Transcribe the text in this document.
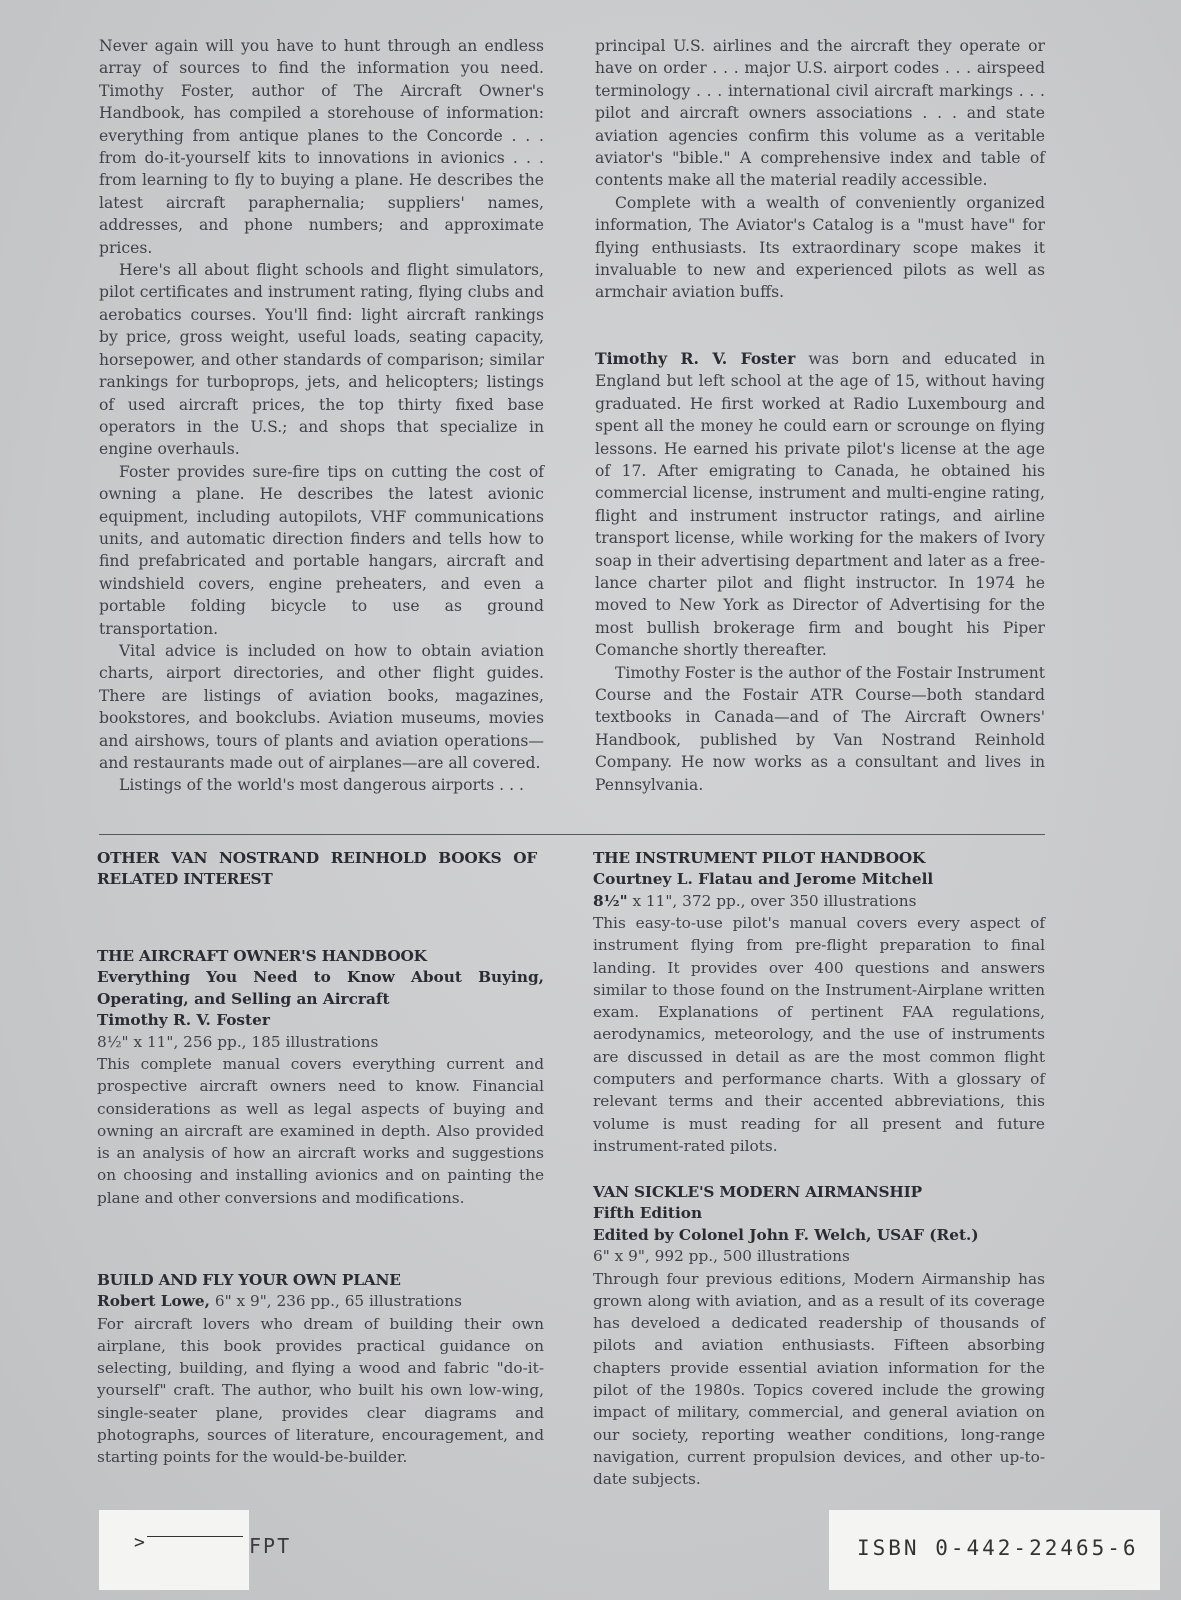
Never again will you have to hunt through an endless array of sources to find the information you need. Timothy Foster, author of The Aircraft Owner's Handbook, has compiled a storehouse of information: everything from antique planes to the Concorde . . . from do-it-yourself kits to innovations in avionics . . . from learning to fly to buying a plane. He describes the latest aircraft paraphernalia; suppliers' names, addresses, and phone numbers; and approximate prices.

Here's all about flight schools and flight simulators, pilot certificates and instrument rating, flying clubs and aerobatics courses. You'll find: light aircraft rankings by price, gross weight, useful loads, seating capacity, horsepower, and other standards of comparison; similar rankings for turboprops, jets, and helicopters; listings of used aircraft prices, the top thirty fixed base operators in the U.S.; and shops that specialize in engine overhauls.

Foster provides sure-fire tips on cutting the cost of owning a plane. He describes the latest avionic equipment, including autopilots, VHF communications units, and automatic direction finders and tells how to find prefabricated and portable hangars, aircraft and windshield covers, engine preheaters, and even a portable folding bicycle to use as ground transportation.

Vital advice is included on how to obtain aviation charts, airport directories, and other flight guides. There are listings of aviation books, magazines, bookstores, and bookclubs. Aviation museums, movies and airshows, tours of plants and aviation operations—and restaurants made out of airplanes—are all covered.

Listings of the world's most dangerous airports . . .

principal U.S. airlines and the aircraft they operate or have on order . . . major U.S. airport codes . . . airspeed terminology . . . international civil aircraft markings . . . pilot and aircraft owners associations . . . and state aviation agencies confirm this volume as a veritable aviator's "bible." A comprehensive index and table of contents make all the material readily accessible.

Complete with a wealth of conveniently organized information, The Aviator's Catalog is a "must have" for flying enthusiasts. Its extraordinary scope makes it invaluable to new and experienced pilots as well as armchair aviation buffs.

Timothy R. V. Foster was born and educated in England but left school at the age of 15, without having graduated. He first worked at Radio Luxembourg and spent all the money he could earn or scrounge on flying lessons. He earned his private pilot's license at the age of 17. After emigrating to Canada, he obtained his commercial license, instrument and multi-engine rating, flight and instrument instructor ratings, and airline transport license, while working for the makers of Ivory soap in their advertising department and later as a free-lance charter pilot and flight instructor. In 1974 he moved to New York as Director of Advertising for the most bullish brokerage firm and bought his Piper Comanche shortly thereafter.

Timothy Foster is the author of the Fostair Instrument Course and the Fostair ATR Course—both standard textbooks in Canada—and of The Aircraft Owners' Handbook, published by Van Nostrand Reinhold Company. He now works as a consultant and lives in Pennsylvania.

OTHER VAN NOSTRAND REINHOLD BOOKS OF RELATED INTEREST
THE AIRCRAFT OWNER'S HANDBOOK
Everything You Need to Know About Buying, Operating, and Selling an Aircraft
Timothy R. V. Foster
8½" x 11", 256 pp., 185 illustrations

This complete manual covers everything current and prospective aircraft owners need to know. Financial considerations as well as legal aspects of buying and owning an aircraft are examined in depth. Also provided is an analysis of how an aircraft works and suggestions on choosing and installing avionics and on painting the plane and other conversions and modifications.

BUILD AND FLY YOUR OWN PLANE
Robert Lowe, 6" x 9", 236 pp., 65 illustrations

For aircraft lovers who dream of building their own airplane, this book provides practical guidance on selecting, building, and flying a wood and fabric "do-it-yourself" craft. The author, who built his own low-wing, single-seater plane, provides clear diagrams and photographs, sources of literature, encouragement, and starting points for the would-be-builder.

THE INSTRUMENT PILOT HANDBOOK
Courtney L. Flatau and Jerome Mitchell
8½" x 11", 372 pp., over 350 illustrations

This easy-to-use pilot's manual covers every aspect of instrument flying from pre-flight preparation to final landing. It provides over 400 questions and answers similar to those found on the Instrument-Airplane written exam. Explanations of pertinent FAA regulations, aerodynamics, meteorology, and the use of instruments are discussed in detail as are the most common flight computers and performance charts. With a glossary of relevant terms and their accented abbreviations, this volume is must reading for all present and future instrument-rated pilots.

VAN SICKLE'S MODERN AIRMANSHIP
Fifth Edition
Edited by Colonel John F. Welch, USAF (Ret.)
6" x 9", 992 pp., 500 illustrations

Through four previous editions, Modern Airmanship has grown along with aviation, and as a result of its coverage has develoed a dedicated readership of thousands of pilots and aviation enthusiasts. Fifteen absorbing chapters provide essential aviation information for the pilot of the 1980s. Topics covered include the growing impact of military, commercial, and general aviation on our society, reporting weather conditions, long-range navigation, current propulsion devices, and other up-to-date subjects.

>	FPT	ISBN 0-442-22465-6
